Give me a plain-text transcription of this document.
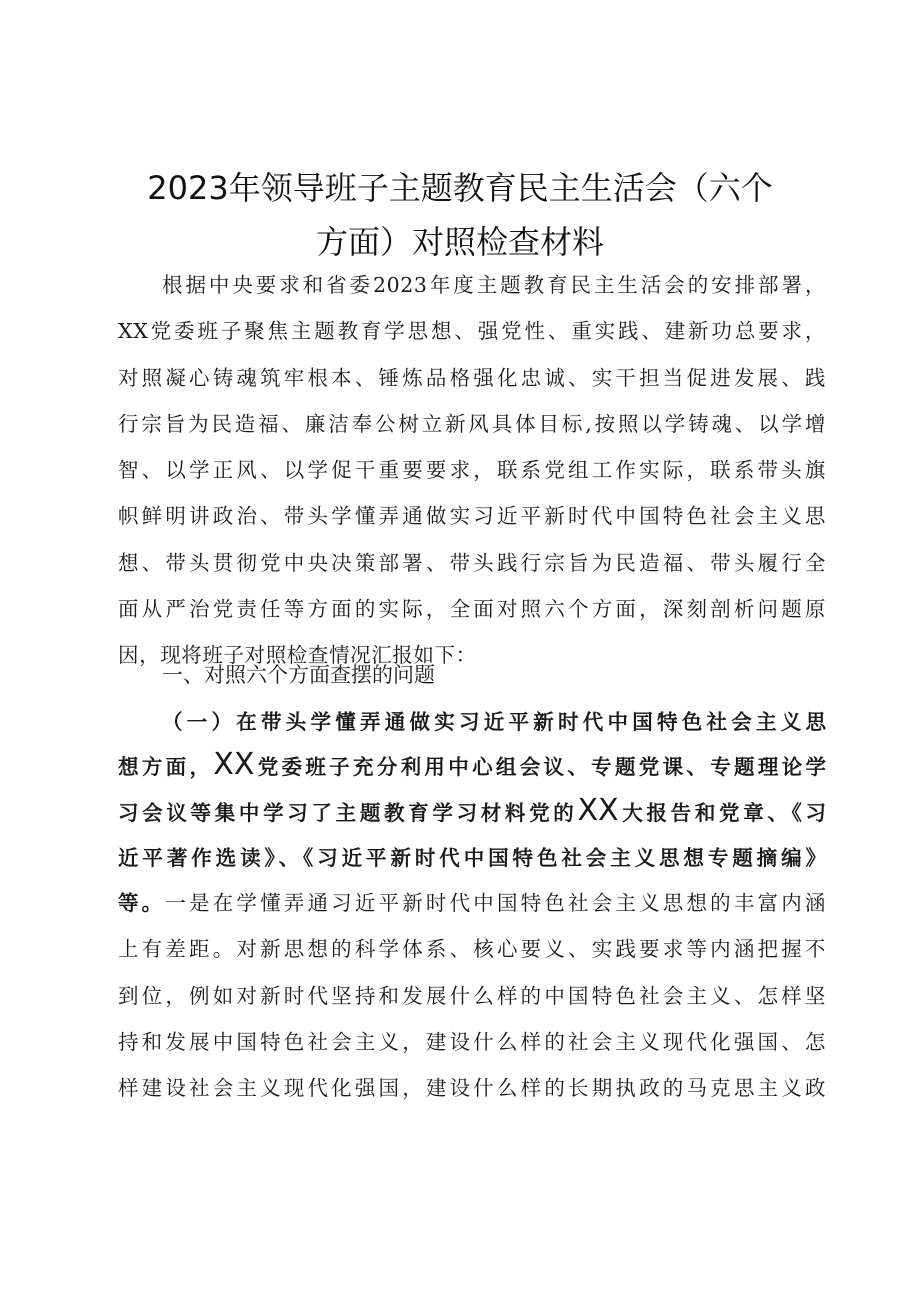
2023年领导班子主题教育民主生活会（六个
方面）对照检查材料
根据中央要求和省委2023年度主题教育民主生活会的安排部署，
XX党委班子聚焦主题教育学思想、强党性、重实践、建新功总要求，
对照凝心铸魂筑牢根本、锤炼品格强化忠诚、实干担当促进发展、践
行宗旨为民造福、廉洁奉公树立新风具体目标,按照以学铸魂、以学增
智、以学正风、以学促干重要要求，联系党组工作实际，联系带头旗
帜鲜明讲政治、带头学懂弄通做实习近平新时代中国特色社会主义思
想、带头贯彻党中央决策部署、带头践行宗旨为民造福、带头履行全
面从严治党责任等方面的实际，全面对照六个方面，深刻剖析问题原
因，现将班子对照检查情况汇报如下：
一、对照六个方面查摆的问题
（一）在带头学懂弄通做实习近平新时代中国特色社会主义思
想方面，XX党委班子充分利用中心组会议、专题党课、专题理论学
习会议等集中学习了主题教育学习材料党的XX大报告和党章、《习
近平著作选读》、《习近平新时代中国特色社会主义思想专题摘编》
等。一是在学懂弄通习近平新时代中国特色社会主义思想的丰富内涵
上有差距。对新思想的科学体系、核心要义、实践要求等内涵把握不
到位，例如对新时代坚持和发展什么样的中国特色社会主义、怎样坚
持和发展中国特色社会主义，建设什么样的社会主义现代化强国、怎
样建设社会主义现代化强国，建设什么样的长期执政的马克思主义政
